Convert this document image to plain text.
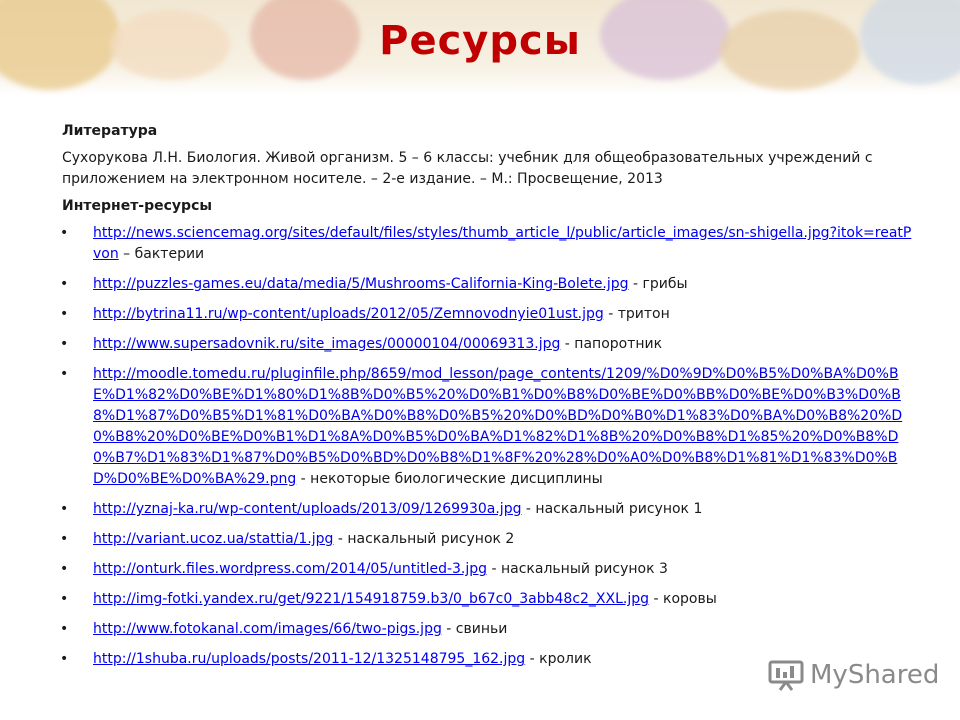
Ресурсы

Литература

Сухорукова Л.Н. Биология. Живой организм. 5 – 6 классы: учебник для общеобразовательных учреждений с приложением на электронном носителе. – 2-е издание. – М.: Просвещение, 2013

Интернет-ресурсы

• http://news.sciencemag.org/sites/default/files/styles/thumb_article_l/public/article_images/sn-shigella.jpg?itok=reatPvon – бактерии
• http://puzzles-games.eu/data/media/5/Mushrooms-California-King-Bolete.jpg - грибы
• http://bytrina11.ru/wp-content/uploads/2012/05/Zemnovodnyie01ust.jpg - тритон
• http://www.supersadovnik.ru/site_images/00000104/00069313.jpg - папоротник
• http://moodle.tomedu.ru/pluginfile.php/8659/mod_lesson/page_contents/1209/%D0%9D%D0%B5%D0%BA%D0%BE%D1%82%D0%BE%D1%80%D1%8B%D0%B5%20%D0%B1%D0%B8%D0%BE%D0%BB%D0%BE%D0%B3%D0%B8%D1%87%D0%B5%D1%81%D0%BA%D0%B8%D0%B5%20%D0%BD%D0%B0%D1%83%D0%BA%D0%B8%20%D0%B8%20%D0%BE%D0%B1%D1%8A%D0%B5%D0%BA%D1%82%D1%8B%20%D0%B8%D1%85%20%D0%B8%D0%B7%D1%83%D1%87%D0%B5%D0%BD%D0%B8%D1%8F%20%28%D0%A0%D0%B8%D1%81%D1%83%D0%BD%D0%BE%D0%BA%29.png - некоторые биологические дисциплины
• http://yznaj-ka.ru/wp-content/uploads/2013/09/1269930a.jpg - наскальный рисунок 1
• http://variant.ucoz.ua/stattia/1.jpg - наскальный рисунок 2
• http://onturk.files.wordpress.com/2014/05/untitled-3.jpg - наскальный рисунок 3
• http://img-fotki.yandex.ru/get/9221/154918759.b3/0_b67c0_3abb48c2_XXL.jpg - коровы
• http://www.fotokanal.com/images/66/two-pigs.jpg - свиньи
• http://1shuba.ru/uploads/posts/2011-12/1325148795_162.jpg - кролик
MyShared
